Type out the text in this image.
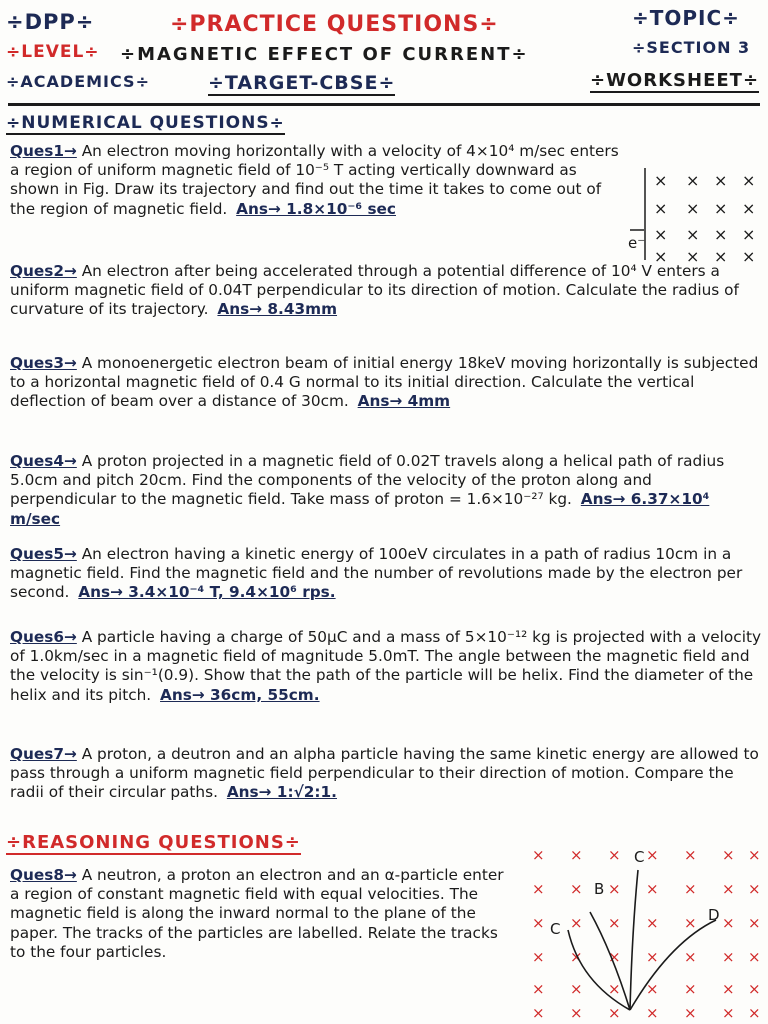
÷DPP÷	÷PRACTICE QUESTIONS÷	÷TOPIC÷
÷LEVEL÷ ÷MAGNETIC EFFECT OF CURRENT÷	÷SECTION 3
÷ACADEMICS÷	÷TARGET-CBSE÷	÷WORKSHEET÷
÷NUMERICAL QUESTIONS÷
Ques1→ An electron moving horizontally with a velocity of 4×10⁴ m/sec enters a region of uniform magnetic field of 10⁻⁵ T acting vertically downward as shown in Fig. Draw its trajectory and find out the time it takes to come out of the region of magnetic field. Ans→ 1.8×10⁻⁶ sec
× × × ×
× × × ×
× × × ×
× × × ×
e⁻
Ques2→ An electron after being accelerated through a potential difference of 10⁴ V enters a uniform magnetic field of 0.04T perpendicular to its direction of motion. Calculate the radius of curvature of its trajectory. Ans→ 8.43mm
Ques3→ A monoenergetic electron beam of initial energy 18keV moving horizontally is subjected to a horizontal magnetic field of 0.4 G normal to its initial direction. Calculate the vertical deflection of beam over a distance of 30cm. Ans→ 4mm
Ques4→ A proton projected in a magnetic field of 0.02T travels along a helical path of radius 5.0cm and pitch 20cm. Find the components of the velocity of the proton along and perpendicular to the magnetic field. Take mass of proton = 1.6×10⁻²⁷ kg. Ans→ 6.37×10⁴ m/sec
Ques5→ An electron having a kinetic energy of 100eV circulates in a path of radius 10cm in a magnetic field. Find the magnetic field and the number of revolutions made by the electron per second. Ans→ 3.4×10⁻⁴ T, 9.4×10⁶ rps.
Ques6→ A particle having a charge of 50µC and a mass of 5×10⁻¹² kg is projected with a velocity of 1.0km/sec in a magnetic field of magnitude 5.0mT. The angle between the magnetic field and the velocity is sin⁻¹(0.9). Show that the path of the particle will be helix. Find the diameter of the helix and its pitch. Ans→ 36cm, 55cm.
Ques7→ A proton, a deutron and an alpha particle having the same kinetic energy are allowed to pass through a uniform magnetic field perpendicular to their direction of motion. Compare the radii of their circular paths. Ans→ 1:√2:1.
÷REASONING QUESTIONS÷
Ques8→ A neutron, a proton an electron and an α-particle enter a region of constant magnetic field with equal velocities. The magnetic field is along the inward normal to the plane of the paper. The tracks of the particles are labelled. Relate the tracks to the four particles.
× × × × × × ×
× × × × × × ×
× × × × × × ×
× × × × × × ×
× × × × × × ×
× × × × × × ×
C
B
C
D
